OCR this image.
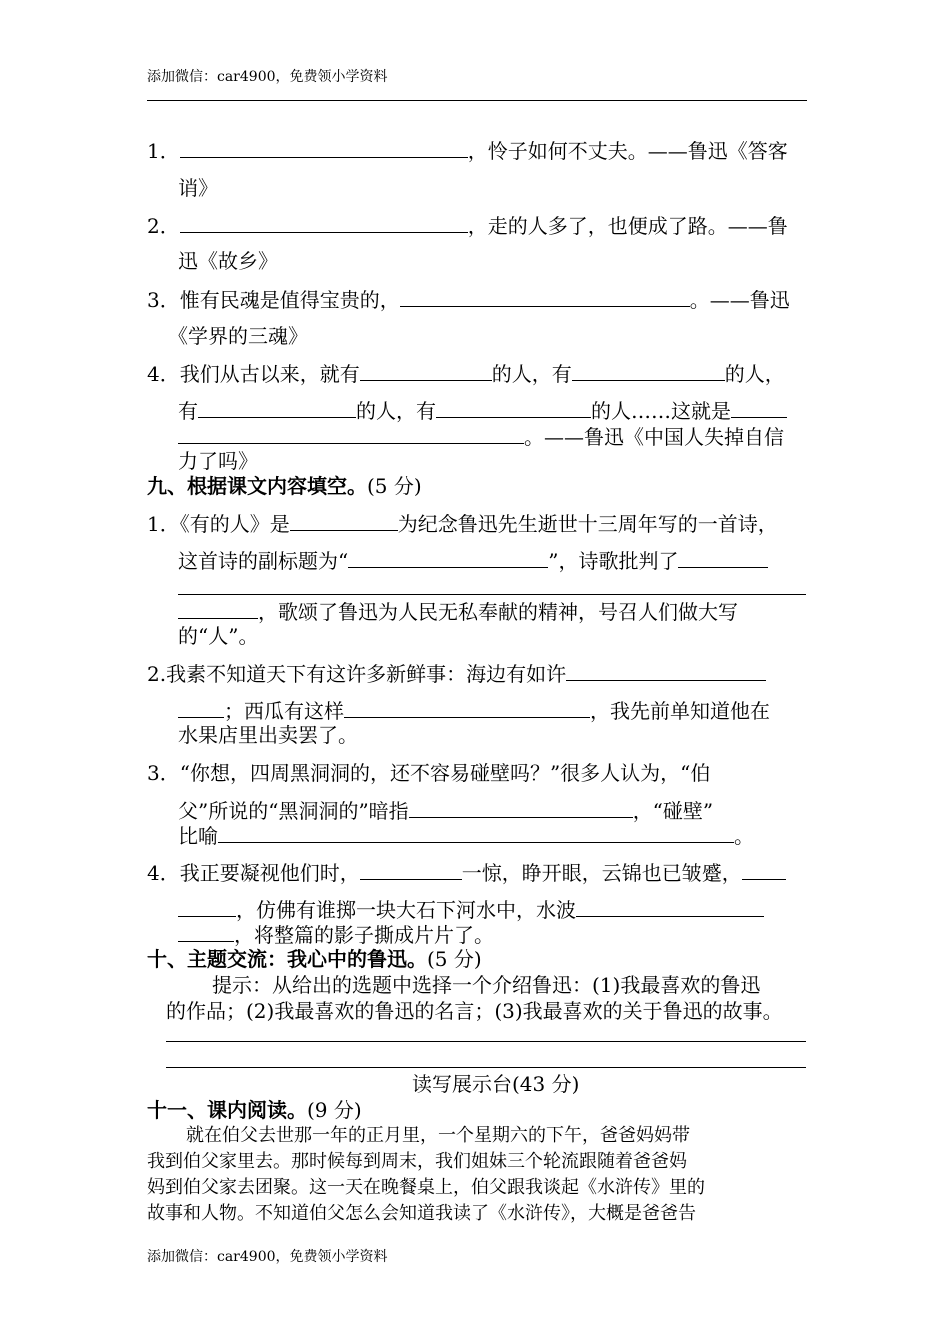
添加微信：car4900，免费领小学资料
1．	，怜子如何不丈夫。——鲁迅《答客
诮》
2．	，走的人多了，也便成了路。——鲁
迅《故乡》
3．惟有民魂是值得宝贵的，	。——鲁迅
《学界的三魂》
4．我们从古以来，就有	的人，有	的人，
有	的人，有	的人……这就是
。——鲁迅《中国人失掉自信
力了吗》
九、根据课文内容填空。(5 分)
1．《有的人》是	为纪念鲁迅先生逝世十三周年写的一首诗，
这首诗的副标题为“	”，诗歌批判了
，歌颂了鲁迅为人民无私奉献的精神，号召人们做大写
的“人”。
2.我素不知道天下有这许多新鲜事：海边有如许
；西瓜有这样	，我先前单知道他在
水果店里出卖罢了。
3．“你想，四周黑洞洞的，还不容易碰壁吗？”很多人认为，“伯
父”所说的“黑洞洞的”暗指	，“碰壁”
比喻	。
4．我正要凝视他们时，	一惊，睁开眼，云锦也已皱蹙，
，仿佛有谁掷一块大石下河水中，水波
，将整篇的影子撕成片片了。
十、主题交流：我心中的鲁迅。(5 分)
提示：从给出的选题中选择一个介绍鲁迅：(1)我最喜欢的鲁迅
的作品；(2)我最喜欢的鲁迅的名言；(3)我最喜欢的关于鲁迅的故事。
读写展示台(43 分)
十一、课内阅读。(9 分)
就在伯父去世那一年的正月里，一个星期六的下午，爸爸妈妈带
我到伯父家里去。那时候每到周末，我们姐妹三个轮流跟随着爸爸妈
妈到伯父家去团聚。这一天在晚餐桌上，伯父跟我谈起《水浒传》里的
故事和人物。不知道伯父怎么会知道我读了《水浒传》，大概是爸爸告
添加微信：car4900，免费领小学资料
